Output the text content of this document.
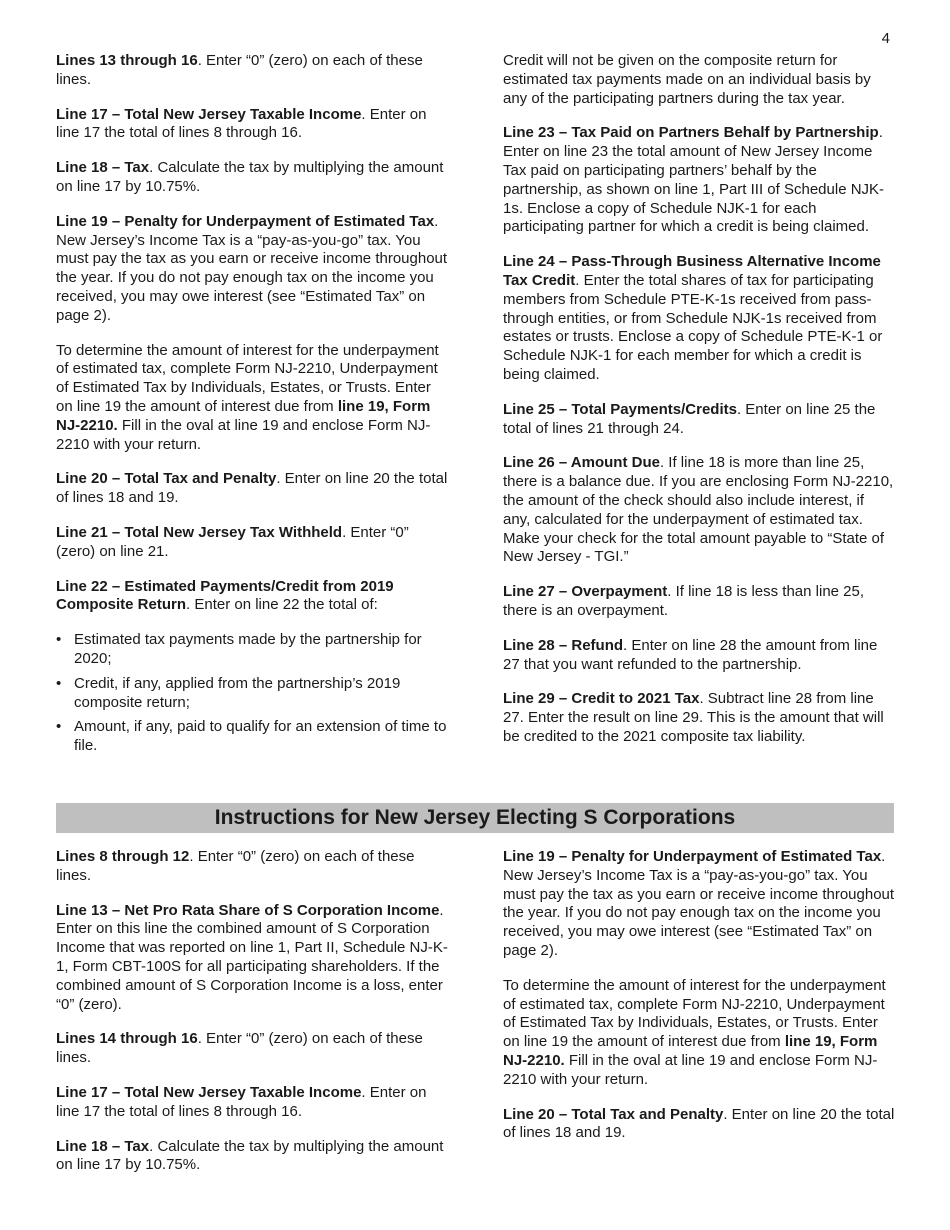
4

Lines 13 through 16. Enter “0” (zero) on each of these lines.

Line 17 – Total New Jersey Taxable Income. Enter on line 17 the total of lines 8 through 16.

Line 18 – Tax. Calculate the tax by multiplying the amount on line 17 by 10.75%.

Line 19 – Penalty for Underpayment of Estimated Tax. New Jersey’s Income Tax is a “pay-as-you-go” tax. You must pay the tax as you earn or receive income throughout the year. If you do not pay enough tax on the income you received, you may owe interest (see “Estimated Tax” on page 2).

To determine the amount of interest for the underpayment of estimated tax, complete Form NJ-2210, Underpayment of Estimated Tax by Individuals, Estates, or Trusts. Enter on line 19 the amount of interest due from line 19, Form NJ-2210. Fill in the oval at line 19 and enclose Form NJ-2210 with your return.

Line 20 – Total Tax and Penalty. Enter on line 20 the total of lines 18 and 19.

Line 21 – Total New Jersey Tax Withheld. Enter “0” (zero) on line 21.

Line 22 – Estimated Payments/Credit from 2019 Composite Return. Enter on line 22 the total of:

• Estimated tax payments made by the partnership for 2020;
• Credit, if any, applied from the partnership’s 2019 composite return;
• Amount, if any, paid to qualify for an extension of time to file.

Credit will not be given on the composite return for estimated tax payments made on an individual basis by any of the participating partners during the tax year.

Line 23 – Tax Paid on Partners Behalf by Partnership. Enter on line 23 the total amount of New Jersey Income Tax paid on participating partners’ behalf by the partnership, as shown on line 1, Part III of Schedule NJK-1s. Enclose a copy of Schedule NJK-1 for each participating partner for which a credit is being claimed.

Line 24 – Pass-Through Business Alternative Income Tax Credit. Enter the total shares of tax for participating members from Schedule PTE-K-1s received from pass-through entities, or from Schedule NJK-1s received from estates or trusts. Enclose a copy of Schedule PTE-K-1 or Schedule NJK-1 for each member for which a credit is being claimed.

Line 25 – Total Payments/Credits. Enter on line 25 the total of lines 21 through 24.

Line 26 – Amount Due. If line 18 is more than line 25, there is a balance due. If you are enclosing Form NJ-2210, the amount of the check should also include interest, if any, calculated for the underpayment of estimated tax. Make your check for the total amount payable to “State of New Jersey - TGI.”

Line 27 – Overpayment. If line 18 is less than line 25, there is an overpayment.

Line 28 – Refund. Enter on line 28 the amount from line 27 that you want refunded to the partnership.

Line 29 – Credit to 2021 Tax. Subtract line 28 from line 27. Enter the result on line 29. This is the amount that will be credited to the 2021 composite tax liability.

Instructions for New Jersey Electing S Corporations

Lines 8 through 12. Enter “0” (zero) on each of these lines.

Line 13 – Net Pro Rata Share of S Corporation Income. Enter on this line the combined amount of S Corporation Income that was reported on line 1, Part II, Schedule NJ-K-1, Form CBT-100S for all participating shareholders. If the combined amount of S Corporation Income is a loss, enter “0” (zero).

Lines 14 through 16. Enter “0” (zero) on each of these lines.

Line 17 – Total New Jersey Taxable Income. Enter on line 17 the total of lines 8 through 16.

Line 18 – Tax. Calculate the tax by multiplying the amount on line 17 by 10.75%.

Line 19 – Penalty for Underpayment of Estimated Tax. New Jersey’s Income Tax is a “pay-as-you-go” tax. You must pay the tax as you earn or receive income throughout the year. If you do not pay enough tax on the income you received, you may owe interest (see “Estimated Tax” on page 2).

To determine the amount of interest for the underpayment of estimated tax, complete Form NJ-2210, Underpayment of Estimated Tax by Individuals, Estates, or Trusts. Enter on line 19 the amount of interest due from line 19, Form NJ-2210. Fill in the oval at line 19 and enclose Form NJ-2210 with your return.

Line 20 – Total Tax and Penalty. Enter on line 20 the total of lines 18 and 19.
